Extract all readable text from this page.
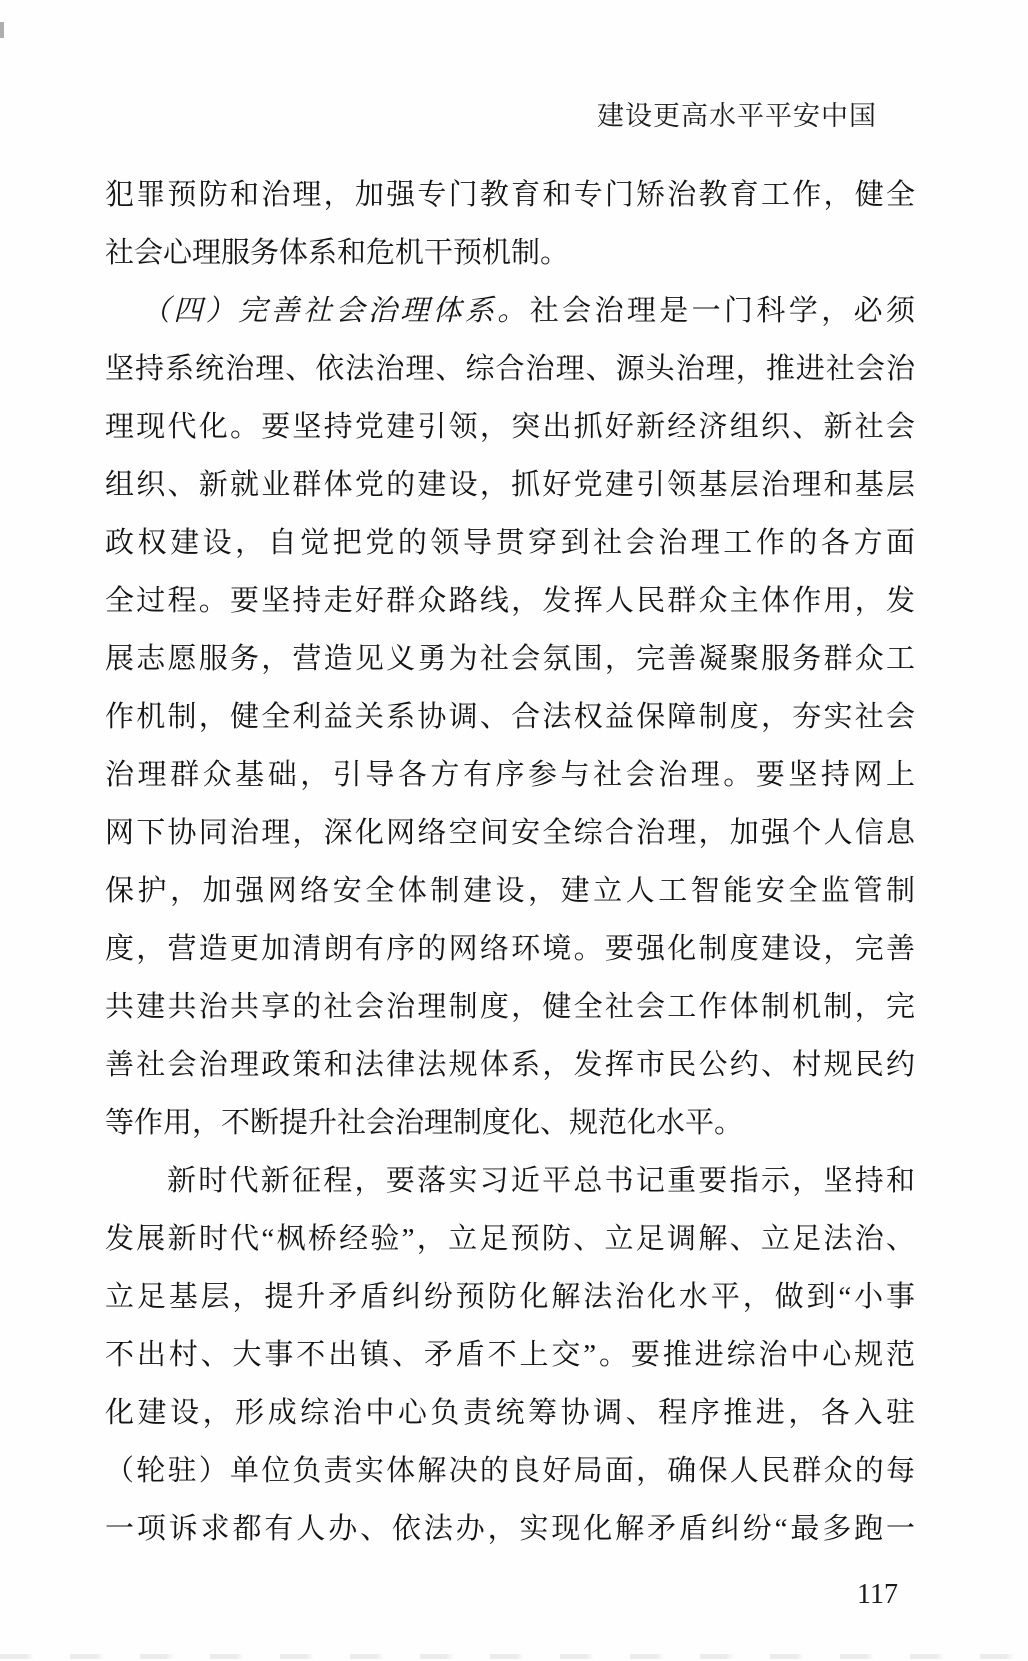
建设更高水平平安中国
犯罪预防和治理，加强专门教育和专门矫治教育工作，健全
社会心理服务体系和危机干预机制。
（四）完善社会治理体系。社会治理是一门科学，必须
坚持系统治理、依法治理、综合治理、源头治理，推进社会治
理现代化。要坚持党建引领，突出抓好新经济组织、新社会
组织、新就业群体党的建设，抓好党建引领基层治理和基层
政权建设，自觉把党的领导贯穿到社会治理工作的各方面
全过程。要坚持走好群众路线，发挥人民群众主体作用，发
展志愿服务，营造见义勇为社会氛围，完善凝聚服务群众工
作机制，健全利益关系协调、合法权益保障制度，夯实社会
治理群众基础，引导各方有序参与社会治理。要坚持网上
网下协同治理，深化网络空间安全综合治理，加强个人信息
保护，加强网络安全体制建设，建立人工智能安全监管制
度，营造更加清朗有序的网络环境。要强化制度建设，完善
共建共治共享的社会治理制度，健全社会工作体制机制，完
善社会治理政策和法律法规体系，发挥市民公约、村规民约
等作用，不断提升社会治理制度化、规范化水平。
新时代新征程，要落实习近平总书记重要指示，坚持和
发展新时代“枫桥经验”，立足预防、立足调解、立足法治、
立足基层，提升矛盾纠纷预防化解法治化水平，做到“小事
不出村、大事不出镇、矛盾不上交”。要推进综治中心规范
化建设，形成综治中心负责统筹协调、程序推进，各入驻
（轮驻）单位负责实体解决的良好局面，确保人民群众的每
一项诉求都有人办、依法办，实现化解矛盾纠纷“最多跑一
117
